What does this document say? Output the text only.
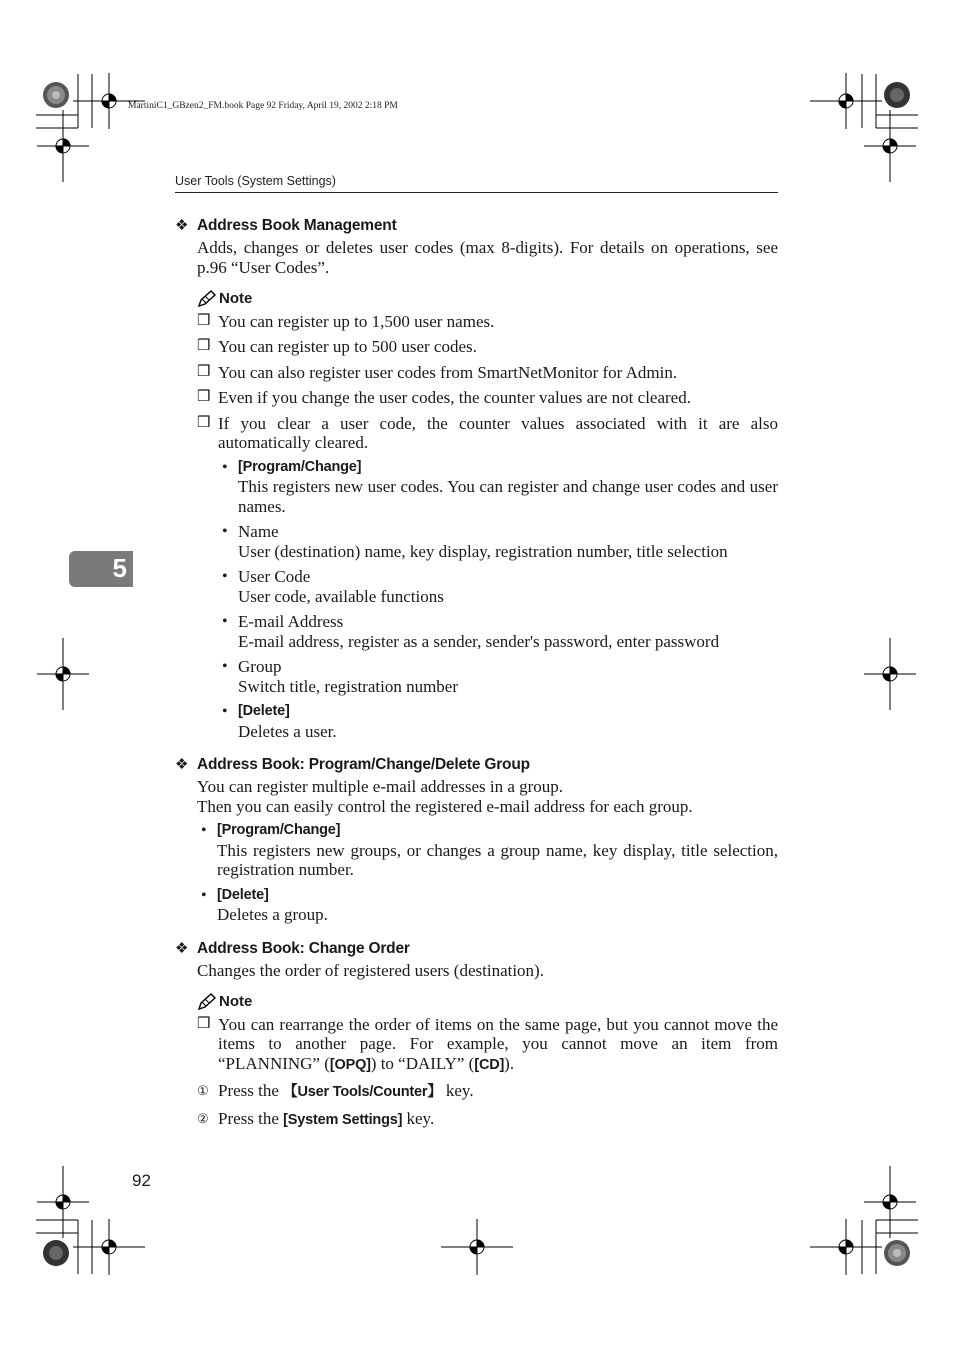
MartiniC1_GBzen2_FM.book Page 92 Friday, April 19, 2002 2:18 PM
User Tools (System Settings)
5
❖ Address Book Management
Adds, changes or deletes user codes (max 8-digits). For details on operations, see p.96 “User Codes”.
Note
❒ You can register up to 1,500 user names.
❒ You can register up to 500 user codes.
❒ You can also register user codes from SmartNetMonitor for Admin.
❒ Even if you change the user codes, the counter values are not cleared.
❒ If you clear a user code, the counter values associated with it are also automatically cleared.
• [Program/Change]
This registers new user codes. You can register and change user codes and user names.
• Name
User (destination) name, key display, registration number, title selection
• User Code
User code, available functions
• E-mail Address
E-mail address, register as a sender, sender's password, enter password
• Group
Switch title, registration number
• [Delete]
Deletes a user.
❖ Address Book: Program/Change/Delete Group
You can register multiple e-mail addresses in a group.
Then you can easily control the registered e-mail address for each group.
• [Program/Change]
This registers new groups, or changes a group name, key display, title selection, registration number.
• [Delete]
Deletes a group.
❖ Address Book: Change Order
Changes the order of registered users (destination).
Note
❒ You can rearrange the order of items on the same page, but you cannot move the items to another page. For example, you cannot move an item from “PLANNING” ([OPQ]) to “DAILY” ([CD]).
① Press the 【User Tools/Counter】 key.
② Press the [System Settings] key.
92
